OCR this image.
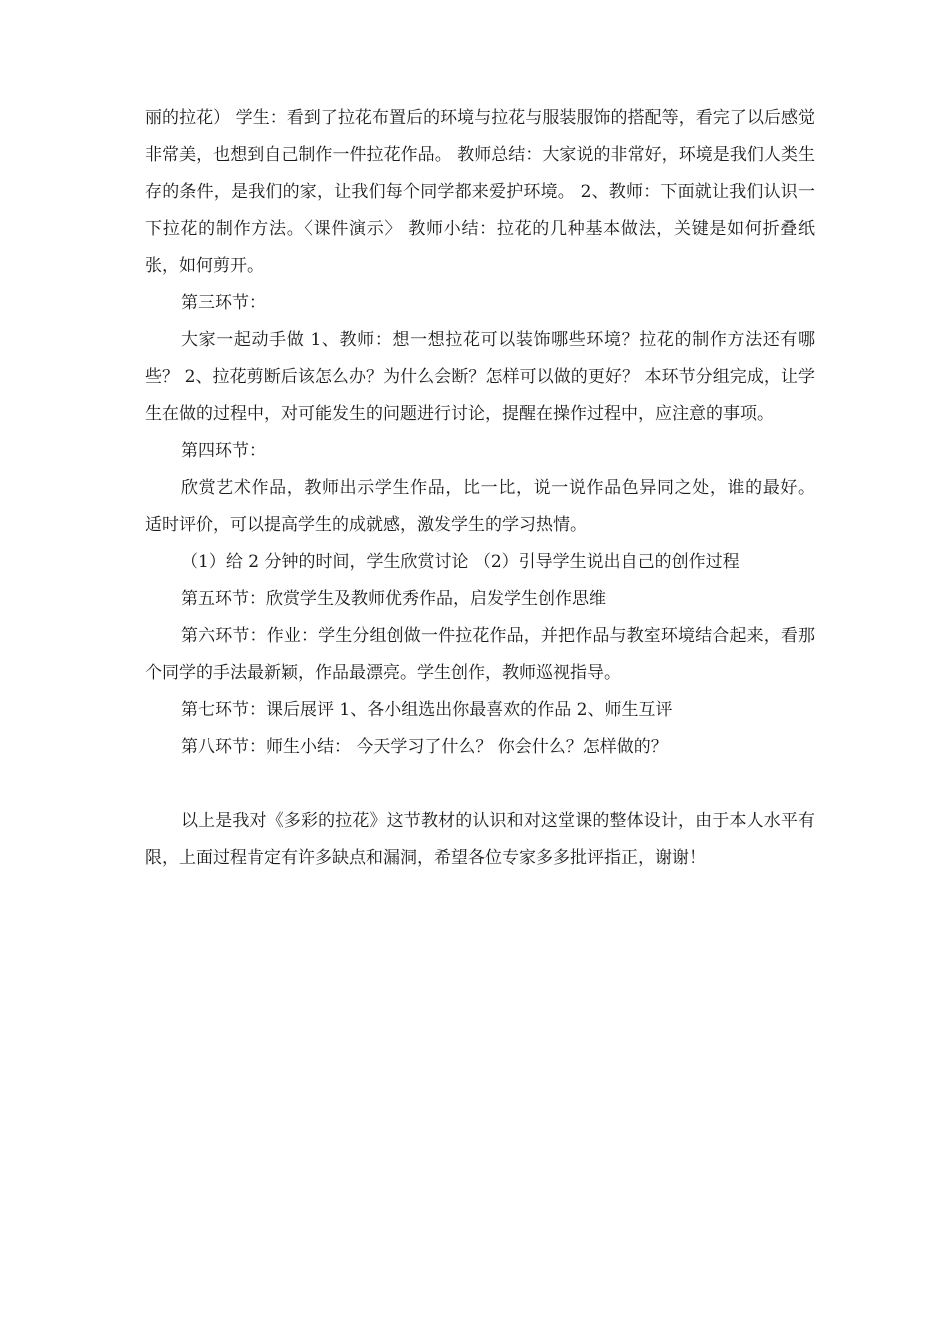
丽的拉花） 学生：看到了拉花布置后的环境与拉花与服装服饰的搭配等，看完了以后感觉非常美，也想到自己制作一件拉花作品。 教师总结：大家说的非常好，环境是我们人类生存的条件，是我们的家，让我们每个同学都来爱护环境。 2、教师：下面就让我们认识一下拉花的制作方法。〈课件演示〉 教师小结：拉花的几种基本做法，关键是如何折叠纸张，如何剪开。

第三环节：

大家一起动手做 1、教师：想一想拉花可以装饰哪些环境？拉花的制作方法还有哪些？ 2、拉花剪断后该怎么办？为什么会断？怎样可以做的更好？ 本环节分组完成，让学生在做的过程中，对可能发生的问题进行讨论，提醒在操作过程中，应注意的事项。

第四环节：

欣赏艺术作品，教师出示学生作品，比一比，说一说作品色异同之处，谁的最好。 适时评价，可以提高学生的成就感，激发学生的学习热情。

（1）给 2 分钟的时间，学生欣赏讨论 （2）引导学生说出自己的创作过程

第五环节：欣赏学生及教师优秀作品，启发学生创作思维

第六环节：作业：学生分组创做一件拉花作品，并把作品与教室环境结合起来，看那个同学的手法最新颖，作品最漂亮。学生创作，教师巡视指导。

第七环节：课后展评 1、各小组选出你最喜欢的作品 2、师生互评

第八环节：师生小结： 今天学习了什么？ 你会什么？怎样做的？

以上是我对《多彩的拉花》这节教材的认识和对这堂课的整体设计，由于本人水平有限，上面过程肯定有许多缺点和漏洞，希望各位专家多多批评指正，谢谢！
